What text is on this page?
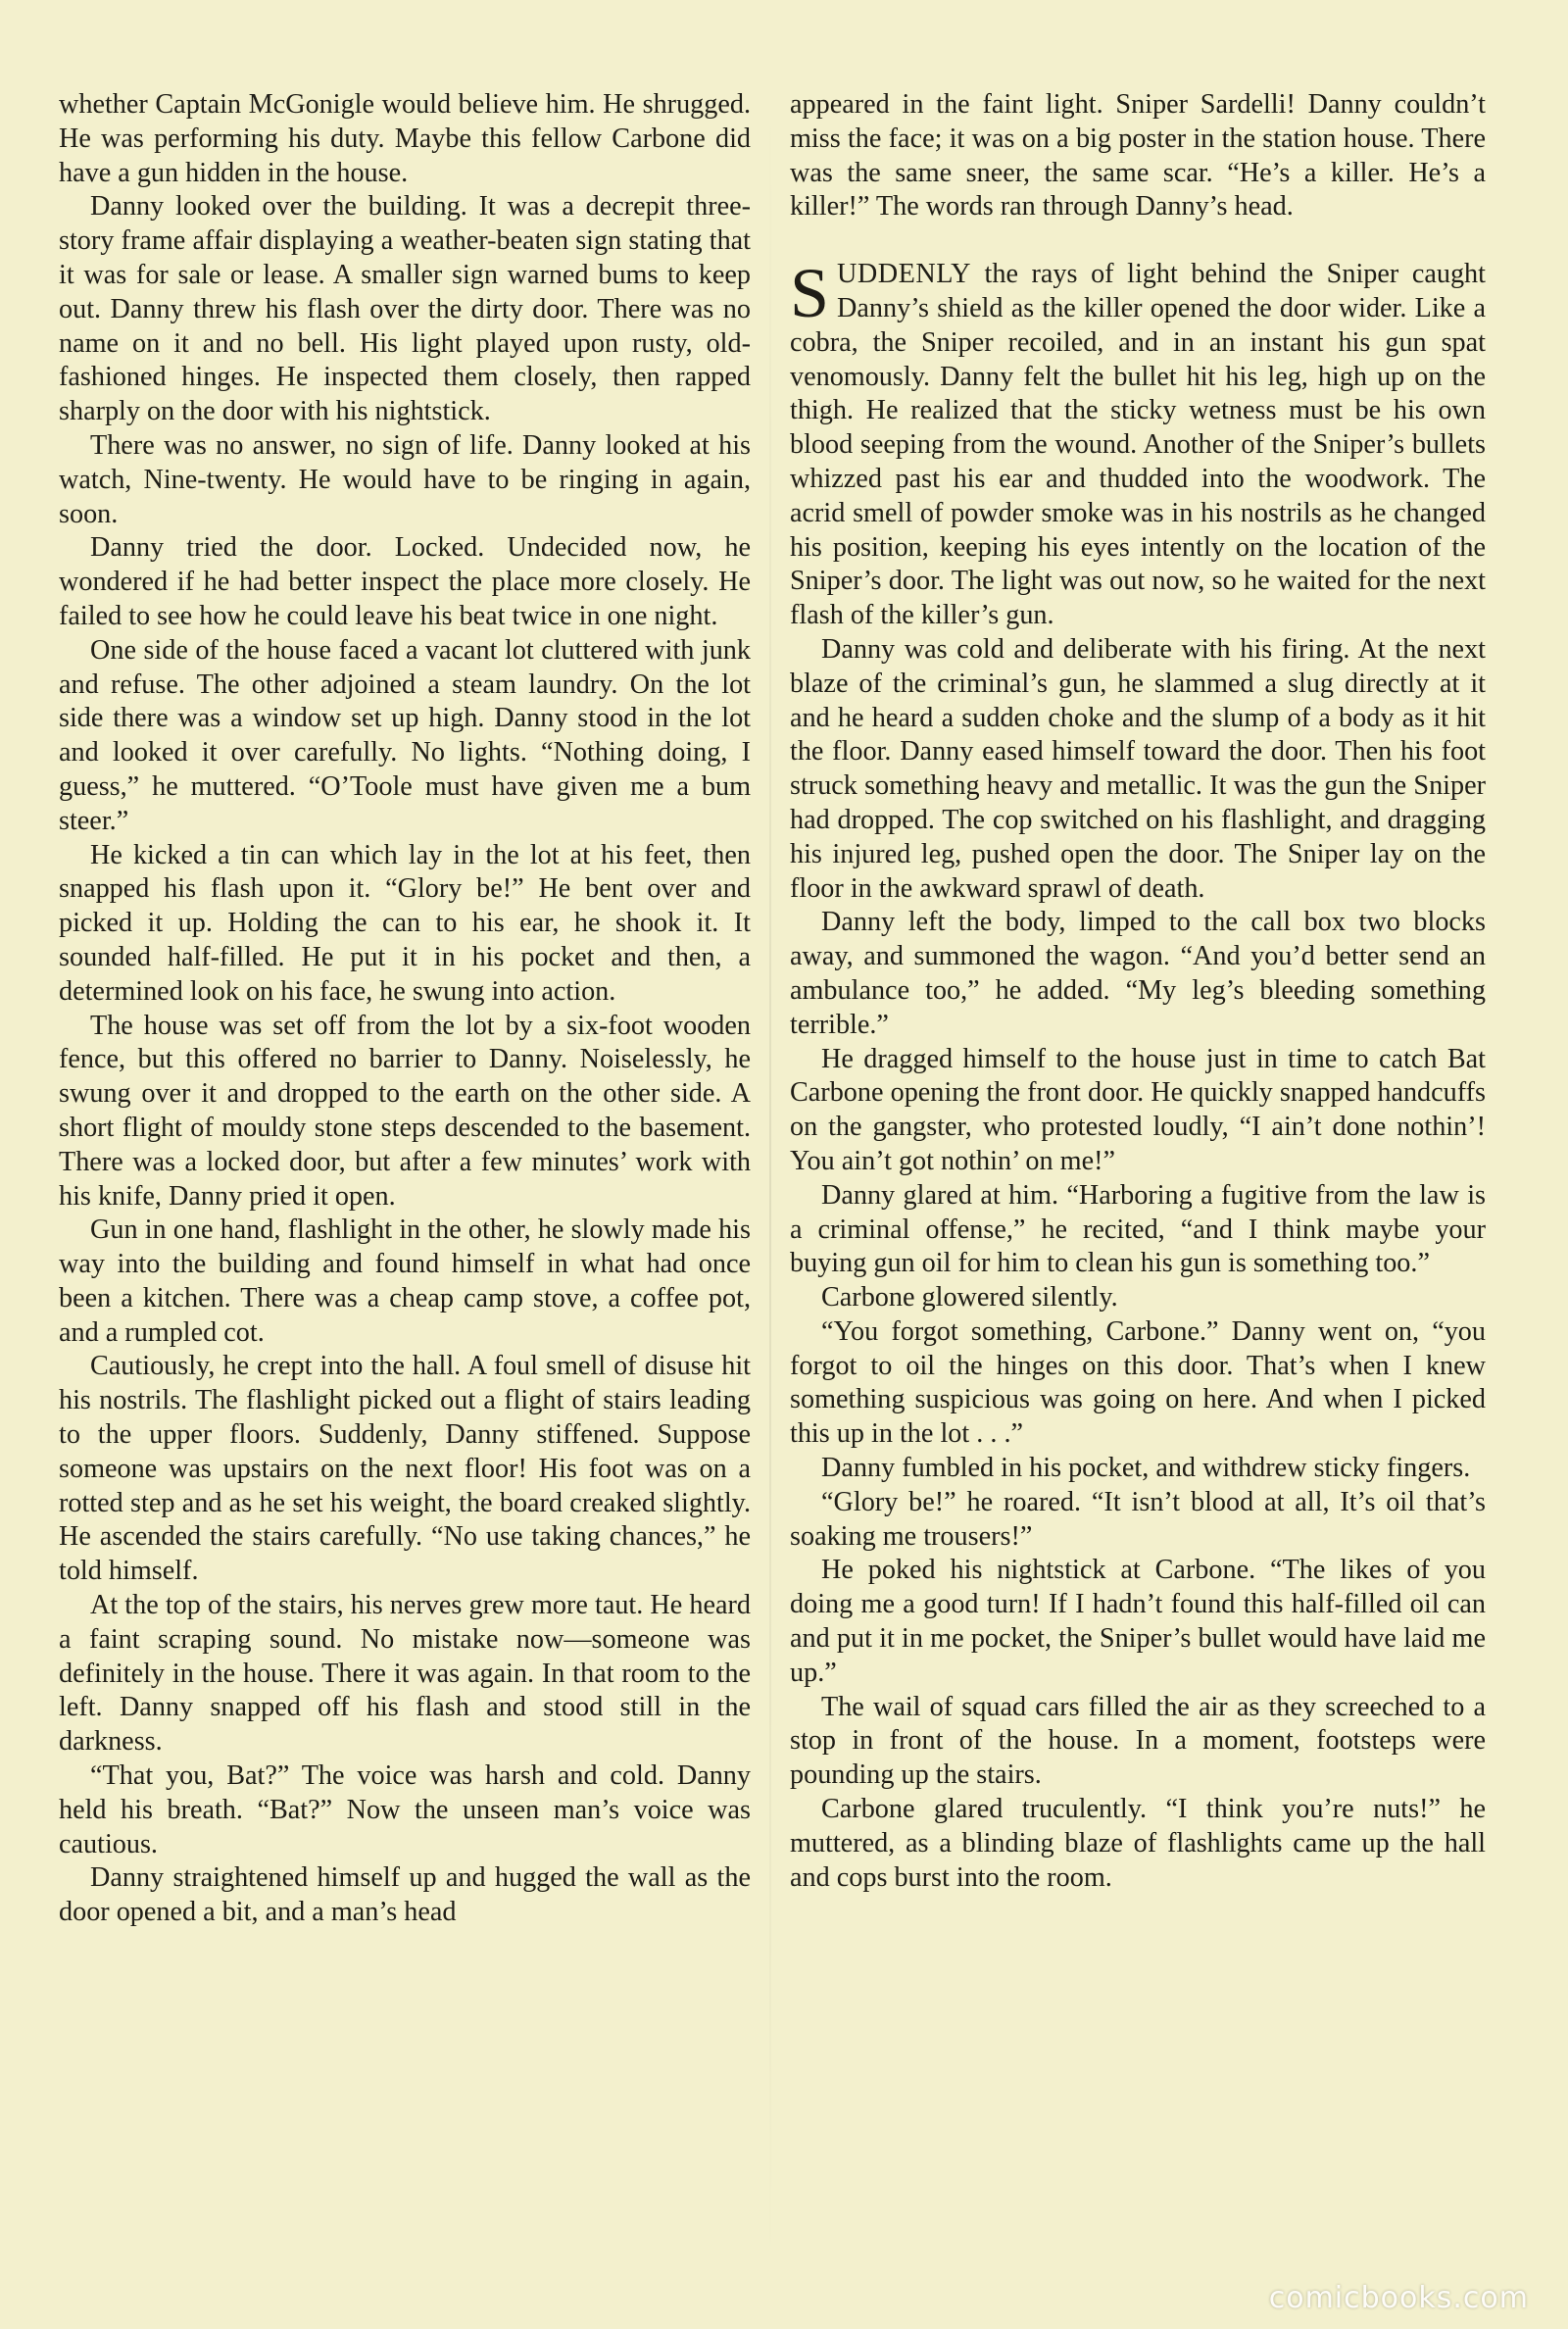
whether Captain McGonigle would believe him. He shrugged. He was performing his duty. Maybe this fellow Carbone did have a gun hidden in the house.

Danny looked over the building. It was a decrepit three-story frame affair displaying a weather-beaten sign stating that it was for sale or lease. A smaller sign warned bums to keep out. Danny threw his flash over the dirty door. There was no name on it and no bell. His light played upon rusty, old-fashioned hinges. He inspected them closely, then rapped sharply on the door with his nightstick.

There was no answer, no sign of life. Danny looked at his watch, Nine-twenty. He would have to be ringing in again, soon.

Danny tried the door. Locked. Undecided now, he wondered if he had better inspect the place more closely. He failed to see how he could leave his beat twice in one night.

One side of the house faced a vacant lot cluttered with junk and refuse. The other adjoined a steam laundry. On the lot side there was a window set up high. Danny stood in the lot and looked it over carefully. No lights. “Nothing doing, I guess,” he muttered. “O’Toole must have given me a bum steer.”

He kicked a tin can which lay in the lot at his feet, then snapped his flash upon it. “Glory be!” He bent over and picked it up. Holding the can to his ear, he shook it. It sounded half-filled. He put it in his pocket and then, a determined look on his face, he swung into action.

The house was set off from the lot by a six-foot wooden fence, but this offered no barrier to Danny. Noiselessly, he swung over it and dropped to the earth on the other side. A short flight of mouldy stone steps descended to the basement. There was a locked door, but after a few minutes’ work with his knife, Danny pried it open.

Gun in one hand, flashlight in the other, he slowly made his way into the building and found himself in what had once been a kitchen. There was a cheap camp stove, a coffee pot, and a rumpled cot.

Cautiously, he crept into the hall. A foul smell of disuse hit his nostrils. The flashlight picked out a flight of stairs leading to the upper floors. Suddenly, Danny stiffened. Suppose someone was upstairs on the next floor! His foot was on a rotted step and as he set his weight, the board creaked slightly. He ascended the stairs carefully. “No use taking chances,” he told himself.

At the top of the stairs, his nerves grew more taut. He heard a faint scraping sound. No mistake now—someone was definitely in the house. There it was again. In that room to the left. Danny snapped off his flash and stood still in the darkness.

“That you, Bat?” The voice was harsh and cold. Danny held his breath. “Bat?” Now the unseen man’s voice was cautious.

Danny straightened himself up and hugged the wall as the door opened a bit, and a man’s head

appeared in the faint light. Sniper Sardelli! Danny couldn’t miss the face; it was on a big poster in the station house. There was the same sneer, the same scar. “He’s a killer. He’s a killer!” The words ran through Danny’s head.

SUDDENLY the rays of light behind the Sniper caught Danny’s shield as the killer opened the door wider. Like a cobra, the Sniper recoiled, and in an instant his gun spat venomously. Danny felt the bullet hit his leg, high up on the thigh. He realized that the sticky wetness must be his own blood seeping from the wound. Another of the Sniper’s bullets whizzed past his ear and thudded into the woodwork. The acrid smell of powder smoke was in his nostrils as he changed his position, keeping his eyes intently on the location of the Sniper’s door. The light was out now, so he waited for the next flash of the killer’s gun.

Danny was cold and deliberate with his firing. At the next blaze of the criminal’s gun, he slammed a slug directly at it and he heard a sudden choke and the slump of a body as it hit the floor. Danny eased himself toward the door. Then his foot struck something heavy and metallic. It was the gun the Sniper had dropped. The cop switched on his flashlight, and dragging his injured leg, pushed open the door. The Sniper lay on the floor in the awkward sprawl of death.

Danny left the body, limped to the call box two blocks away, and summoned the wagon. “And you’d better send an ambulance too,” he added. “My leg’s bleeding something terrible.”

He dragged himself to the house just in time to catch Bat Carbone opening the front door. He quickly snapped handcuffs on the gangster, who protested loudly, “I ain’t done nothin’! You ain’t got nothin’ on me!”

Danny glared at him. “Harboring a fugitive from the law is a criminal offense,” he recited, “and I think maybe your buying gun oil for him to clean his gun is something too.”

Carbone glowered silently.

“You forgot something, Carbone.” Danny went on, “you forgot to oil the hinges on this door. That’s when I knew something suspicious was going on here. And when I picked this up in the lot . . .”

Danny fumbled in his pocket, and withdrew sticky fingers.

“Glory be!” he roared. “It isn’t blood at all, It’s oil that’s soaking me trousers!”

He poked his nightstick at Carbone. “The likes of you doing me a good turn! If I hadn’t found this half-filled oil can and put it in me pocket, the Sniper’s bullet would have laid me up.”

The wail of squad cars filled the air as they screeched to a stop in front of the house. In a moment, footsteps were pounding up the stairs.

Carbone glared truculently. “I think you’re nuts!” he muttered, as a blinding blaze of flashlights came up the hall and cops burst into the room.

comicbooks.com
